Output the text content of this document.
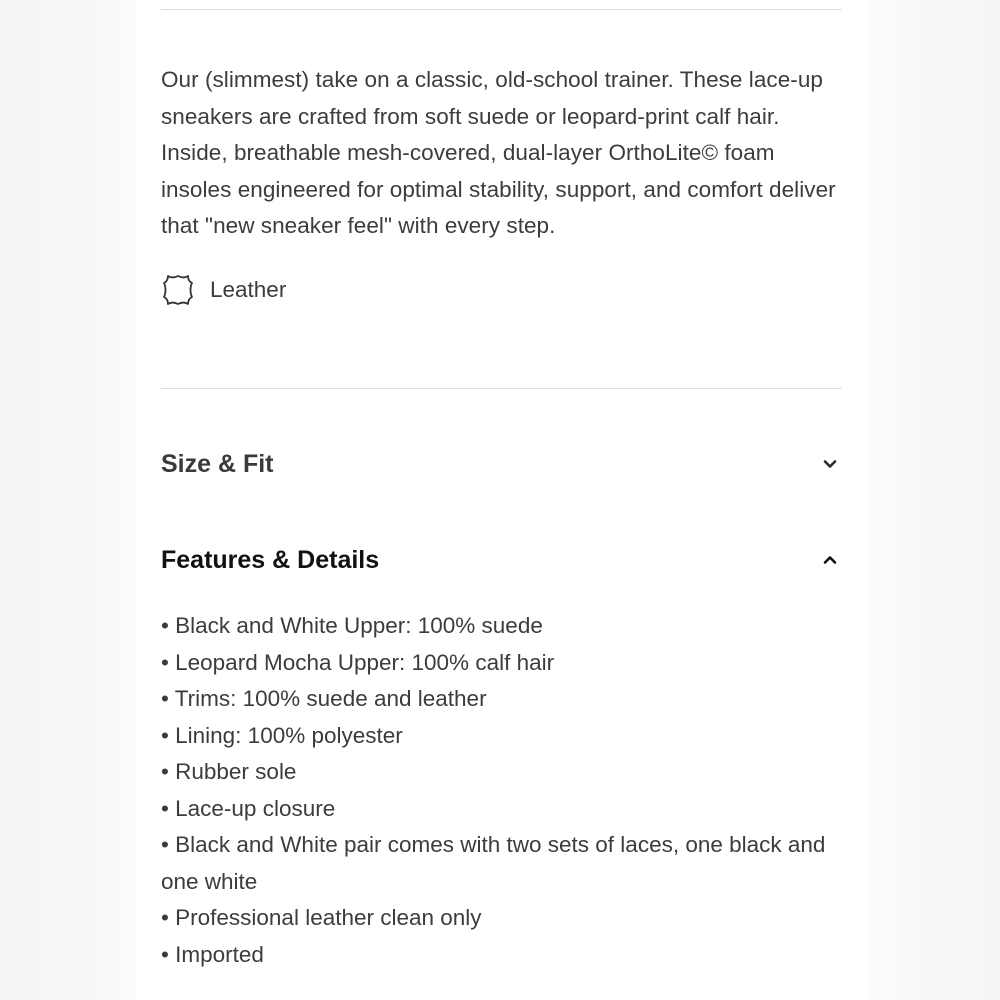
Our (slimmest) take on a classic, old-school trainer. These lace-up sneakers are crafted from soft suede or leopard-print calf hair. Inside, breathable mesh-covered, dual-layer OrthoLite© foam insoles engineered for optimal stability, support, and comfort deliver that "new sneaker feel" with every step.

Leather
Size & Fit
Features & Details
• Black and White Upper: 100% suede
• Leopard Mocha Upper: 100% calf hair
• Trims: 100% suede and leather
• Lining: 100% polyester
• Rubber sole
• Lace-up closure
• Black and White pair comes with two sets of laces, one black and one white
• Professional leather clean only
• Imported
